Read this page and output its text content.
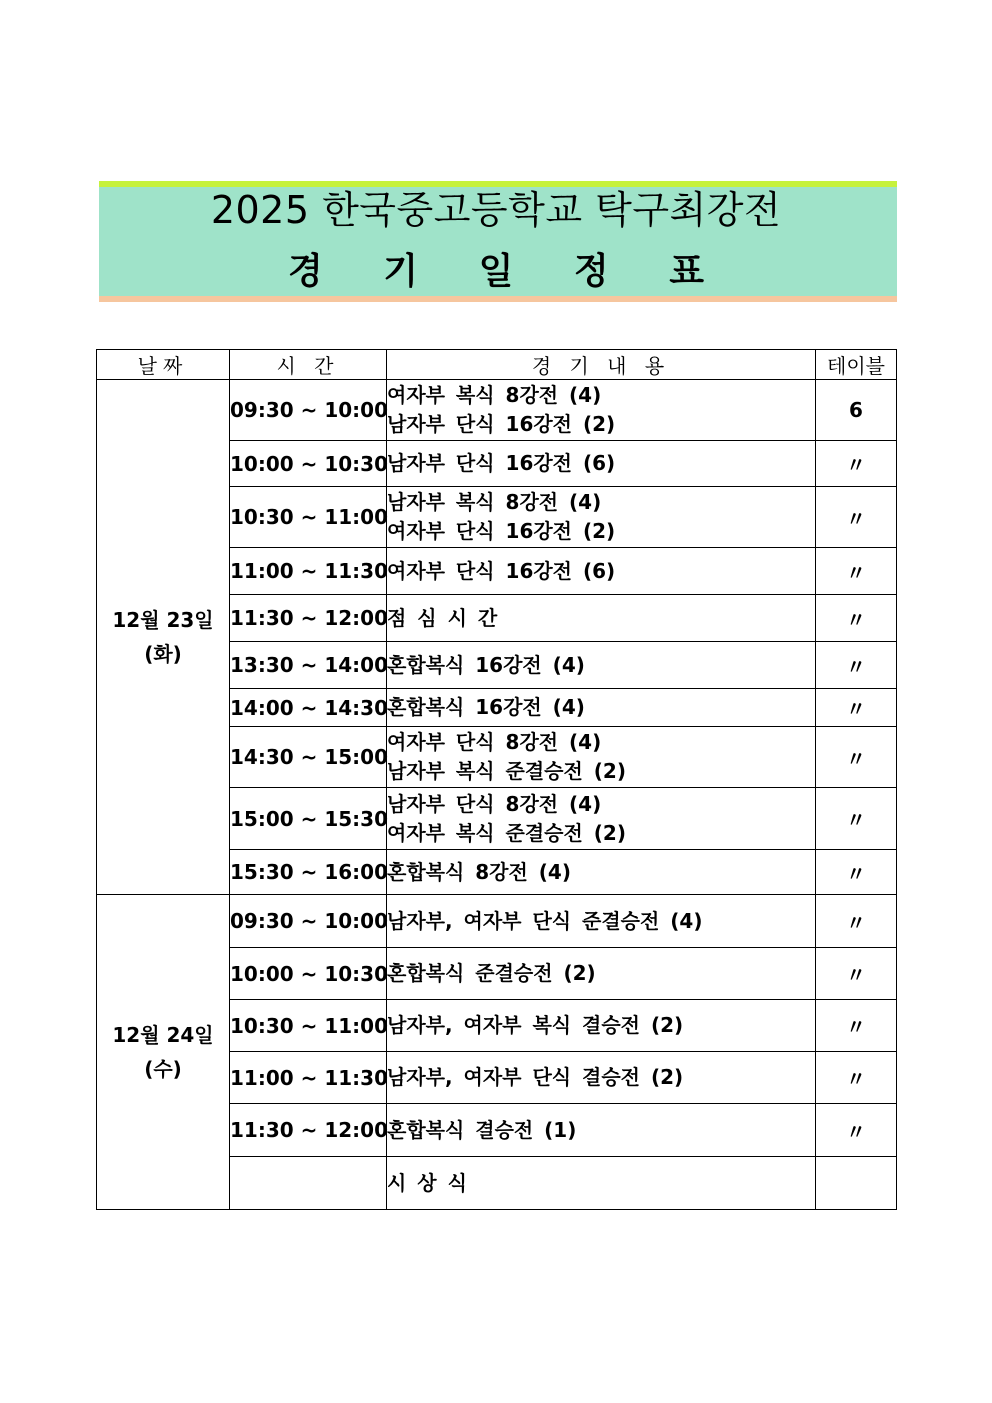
2025 한국중고등학교 탁구최강전
경 기 일 정 표
날짜	시 간	경 기 내 용	테이블

12월 23일
(화)	09:30 ~ 10:00	여자부 복식 8강전 (4)
남자부 단식 16강전 (2)	6
	10:00 ~ 10:30	남자부 단식 16강전 (6)	〃
	10:30 ~ 11:00	남자부 복식 8강전 (4)
여자부 단식 16강전 (2)	〃
	11:00 ~ 11:30	여자부 단식 16강전 (6)	〃
	11:30 ~ 12:00	점 심 시 간	〃
	13:30 ~ 14:00	혼합복식 16강전 (4)	〃
	14:00 ~ 14:30	혼합복식 16강전 (4)	〃
	14:30 ~ 15:00	여자부 단식 8강전 (4)
남자부 복식 준결승전 (2)	〃
	15:00 ~ 15:30	남자부 단식 8강전 (4)
여자부 복식 준결승전 (2)	〃
	15:30 ~ 16:00	혼합복식 8강전 (4)	〃

12월 24일
(수)	09:30 ~ 10:00	남자부, 여자부 단식 준결승전 (4)	〃
	10:00 ~ 10:30	혼합복식 준결승전 (2)	〃
	10:30 ~ 11:00	남자부, 여자부 복식 결승전 (2)	〃
	11:00 ~ 11:30	남자부, 여자부 단식 결승전 (2)	〃
	11:30 ~ 12:00	혼합복식 결승전 (1)	〃

		시 상 식	
